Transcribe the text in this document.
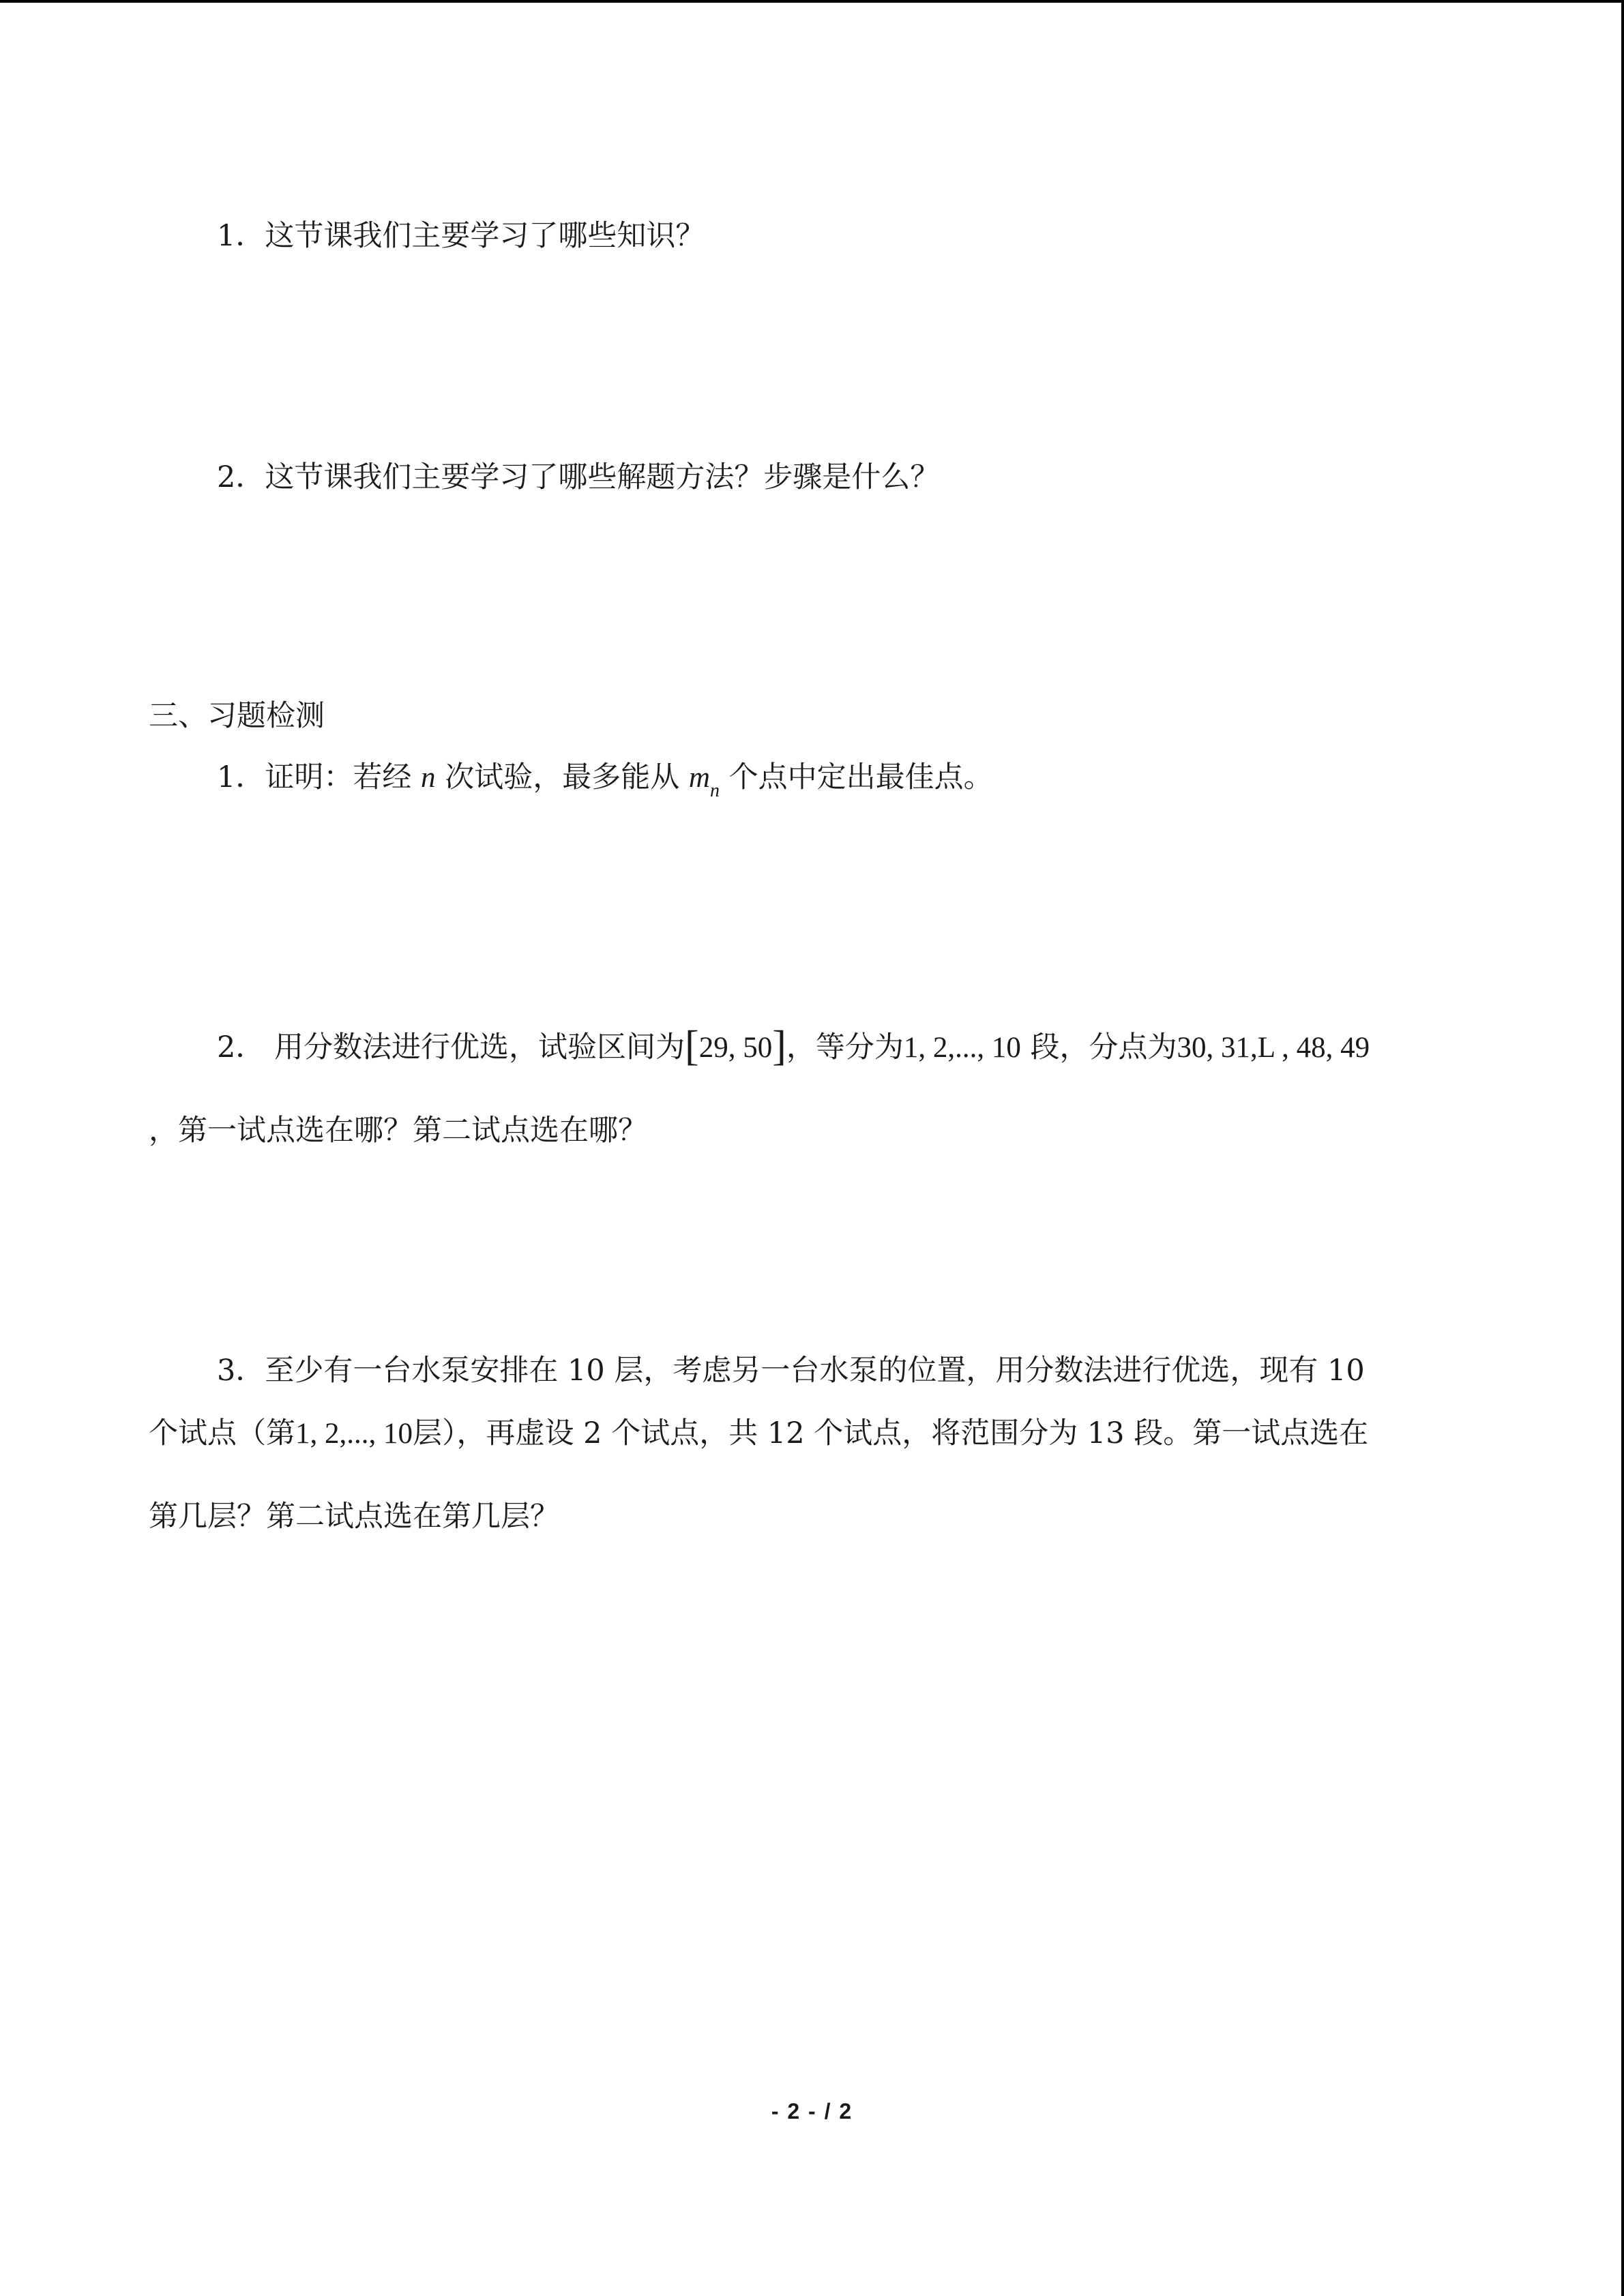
1．这节课我们主要学习了哪些知识？
2．这节课我们主要学习了哪些解题方法？步骤是什么？
三、习题检测
1．证明：若经 n 次试验，最多能从 $m_n$ 个点中定出最佳点。
2． 用分数法进行优选，试验区间为[29, 50]，等分为1, 2,..., 10 段，分点为30, 31,L , 48, 49
，第一试点选在哪？第二试点选在哪？
3．至少有一台水泵安排在 10 层，考虑另一台水泵的位置，用分数法进行优选，现有 10
个试点（第1, 2,..., 10层），再虚设 2 个试点，共 12 个试点，将范围分为 13 段。第一试点选在
第几层？第二试点选在第几层？
- 2 - / 2
